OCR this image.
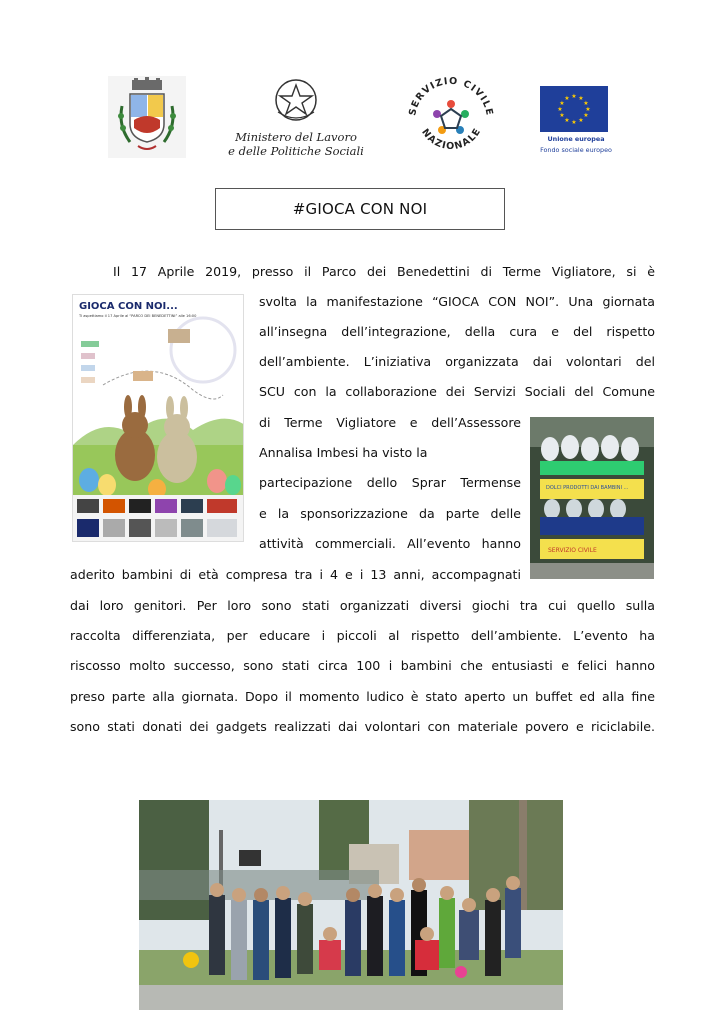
Ministero del Lavoro
e delle Politiche Sociali
SERVIZIO CIVILE
NAZIONALE
★ ★
★
★
★
★
★
★
★
★
★
★
Unione europea
Fondo sociale europeo
#GIOCA CON NOI
Il 17 Aprile 2019, presso il Parco dei Benedettini di Terme Vigliatore, si è
svolta la manifestazione “GIOCA CON NOI”. Una giornata
all’insegna dell’integrazione, della cura e del rispetto
dell’ambiente. L’iniziativa organizzata dai volontari del
SCU con la collaborazione dei Servizi Sociali del Comune
di Terme Vigliatore e dell’Assessore
Annalisa Imbesi ha visto la
partecipazione dello Sprar Termense
e la sponsorizzazione da parte delle
attività commerciali. All’evento hanno
aderito bambini di età compresa tra i 4 e i 13 anni, accompagnati
dai loro genitori. Per loro sono stati organizzati diversi giochi tra cui quello sulla
raccolta differenziata, per educare i piccoli al rispetto dell’ambiente. L’evento ha
riscosso molto successo, sono stati circa 100 i bambini che entusiasti e felici hanno
preso parte alla giornata. Dopo il momento ludico è stato aperto un buffet ed alla fine
sono stati donati dei gadgets realizzati dai volontari con materiale povero e riciclabile.
GIOCA CON NOI...
Ti aspettiamo il 17 Aprile al “PARCO DEI BENEDETTINI” alle 16:00
DOLCI PRODOTTI DAI BAMBINI ...
SERVIZIO CIVILE
